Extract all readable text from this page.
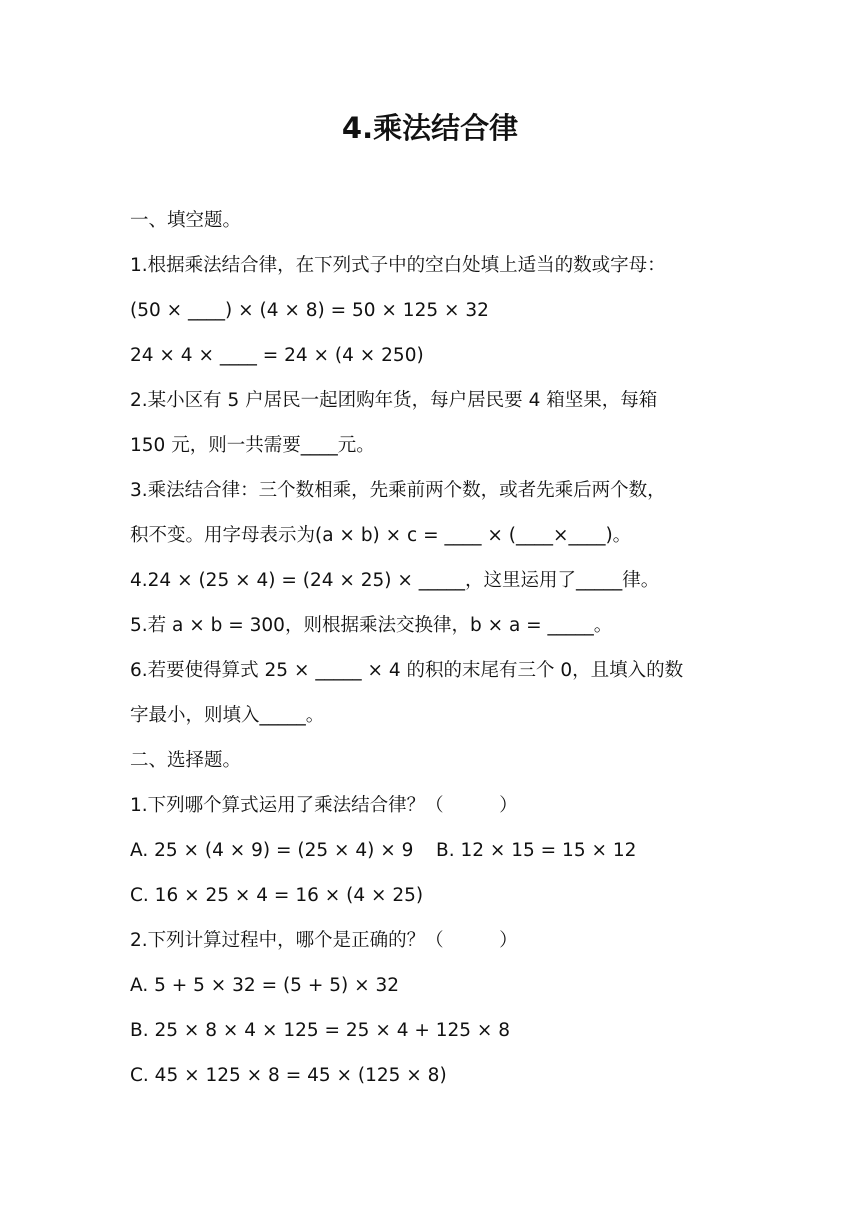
4.乘法结合律
一、填空题。
1.根据乘法结合律，在下列式子中的空白处填上适当的数或字母：
(50 × ____) × (4 × 8) = 50 × 125 × 32
24 × 4 × ____ = 24 × (4 × 250)
2.某小区有 5 户居民一起团购年货，每户居民要 4 箱坚果，每箱
150 元，则一共需要____元。
3.乘法结合律：三个数相乘，先乘前两个数，或者先乘后两个数，
积不变。用字母表示为(a × b) × c = ____ × (____×____)。
4.24 × (25 × 4) = (24 × 25) × _____，这里运用了_____律。
5.若 a × b = 300，则根据乘法交换律，b × a = _____。
6.若要使得算式 25 × _____ × 4 的积的末尾有三个 0，且填入的数
字最小，则填入_____。
二、选择题。
1.下列哪个算式运用了乘法结合律？（　　　）
A. 25 × (4 × 9) = (25 × 4) × 9 B. 12 × 15 = 15 × 12
C. 16 × 25 × 4 = 16 × (4 × 25)
2.下列计算过程中，哪个是正确的？（　　　）
A. 5 + 5 × 32 = (5 + 5) × 32
B. 25 × 8 × 4 × 125 = 25 × 4 + 125 × 8
C. 45 × 125 × 8 = 45 × (125 × 8)
